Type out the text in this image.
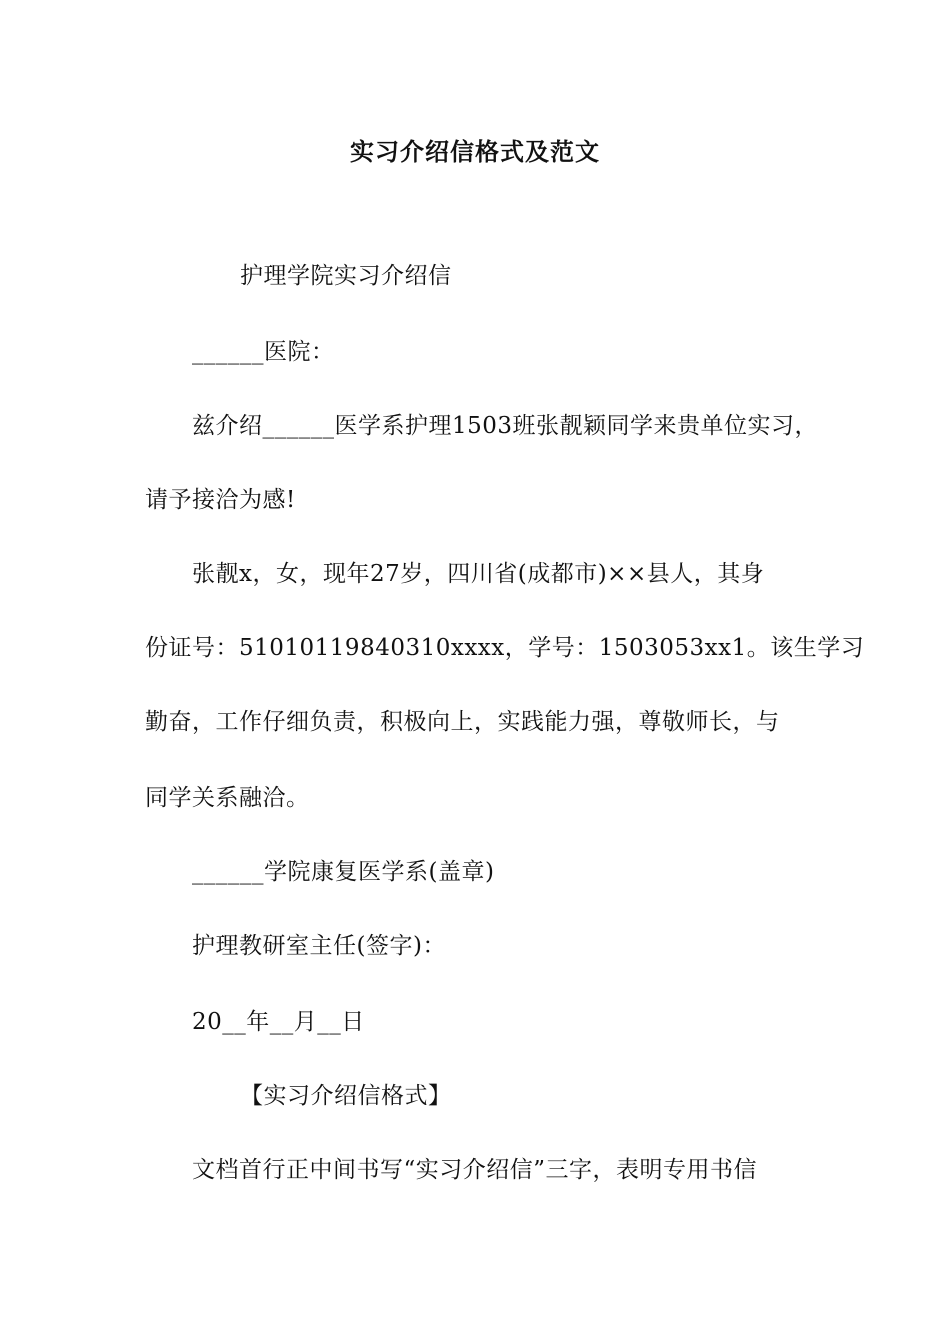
实习介绍信格式及范文
护理学院实习介绍信
______医院：
兹介绍______医学系护理1503班张靓颖同学来贵单位实习，
请予接洽为感!
张靓x，女，现年27岁，四川省(成都市)××县人，其身
份证号：51010119840310xxxx，学号：1503053xx1。该生学习
勤奋，工作仔细负责，积极向上，实践能力强，尊敬师长，与
同学关系融洽。
______学院康复医学系(盖章)
护理教研室主任(签字)：
20__年__月__日
【实习介绍信格式】
文档首行正中间书写“实习介绍信”三字，表明专用书信
